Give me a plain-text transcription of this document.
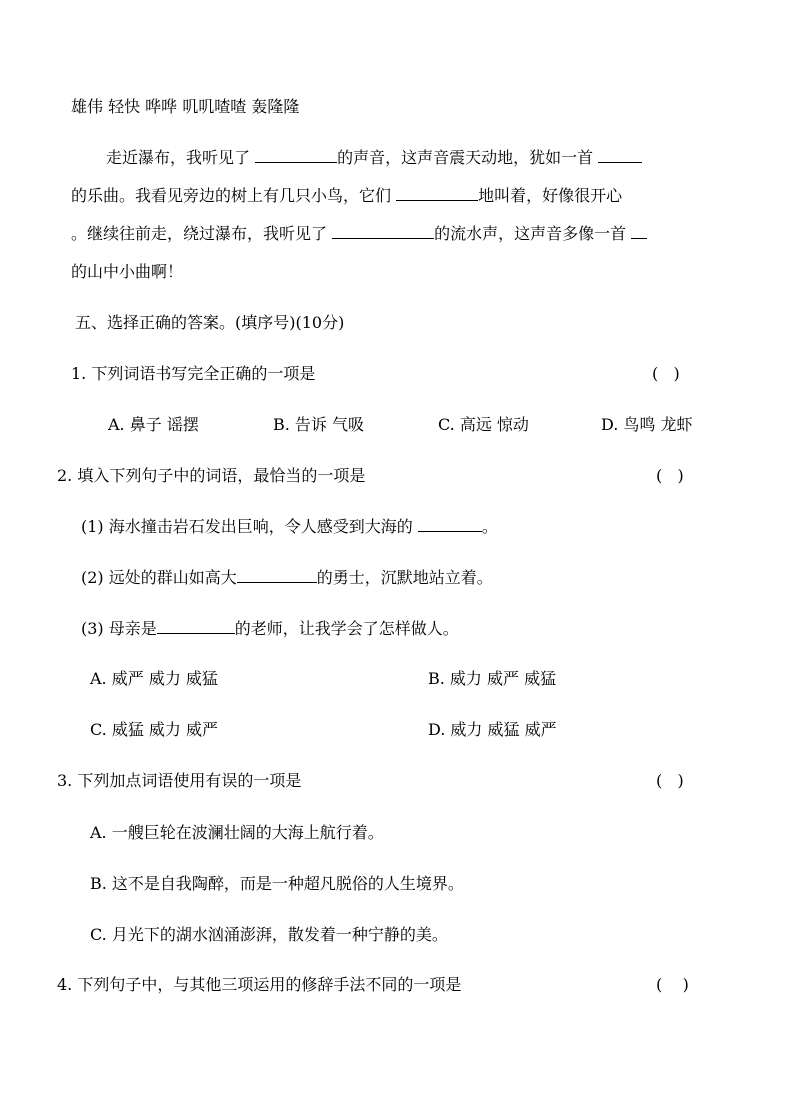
雄伟 轻快 哗哗 叽叽喳喳 轰隆隆
走近瀑布，我听见了	的声音，这声音震天动地，犹如一首
的乐曲。我看见旁边的树上有几只小鸟，它们	地叫着，好像很开心
。继续往前走，绕过瀑布，我听见了	的流水声，这声音多像一首
的山中小曲啊！
五、选择正确的答案。(填序号)(10分)
1. 下列词语书写完全正确的一项是	(   )
A. 鼻子 谣摆	B. 告诉 气吸	C. 高远 惊动	D. 鸟鸣 龙虾
2. 填入下列句子中的词语，最恰当的一项是	(   )
(1) 海水撞击岩石发出巨响，令人感受到大海的	。
(2) 远处的群山如高大	的勇士，沉默地站立着。
(3) 母亲是	的老师，让我学会了怎样做人。
A. 威严 威力 威猛	B. 威力 威严 威猛
C. 威猛 威力 威严	D. 威力 威猛 威严
3. 下列加点词语使用有误的一项是	(   )
A. 一艘巨轮在波澜壮阔的大海上航行着。
B. 这不是自我陶醉，而是一种超凡脱俗的人生境界。
C. 月光下的湖水汹涌澎湃，散发着一种宁静的美。
4. 下列句子中，与其他三项运用的修辞手法不同的一项是	(    )
